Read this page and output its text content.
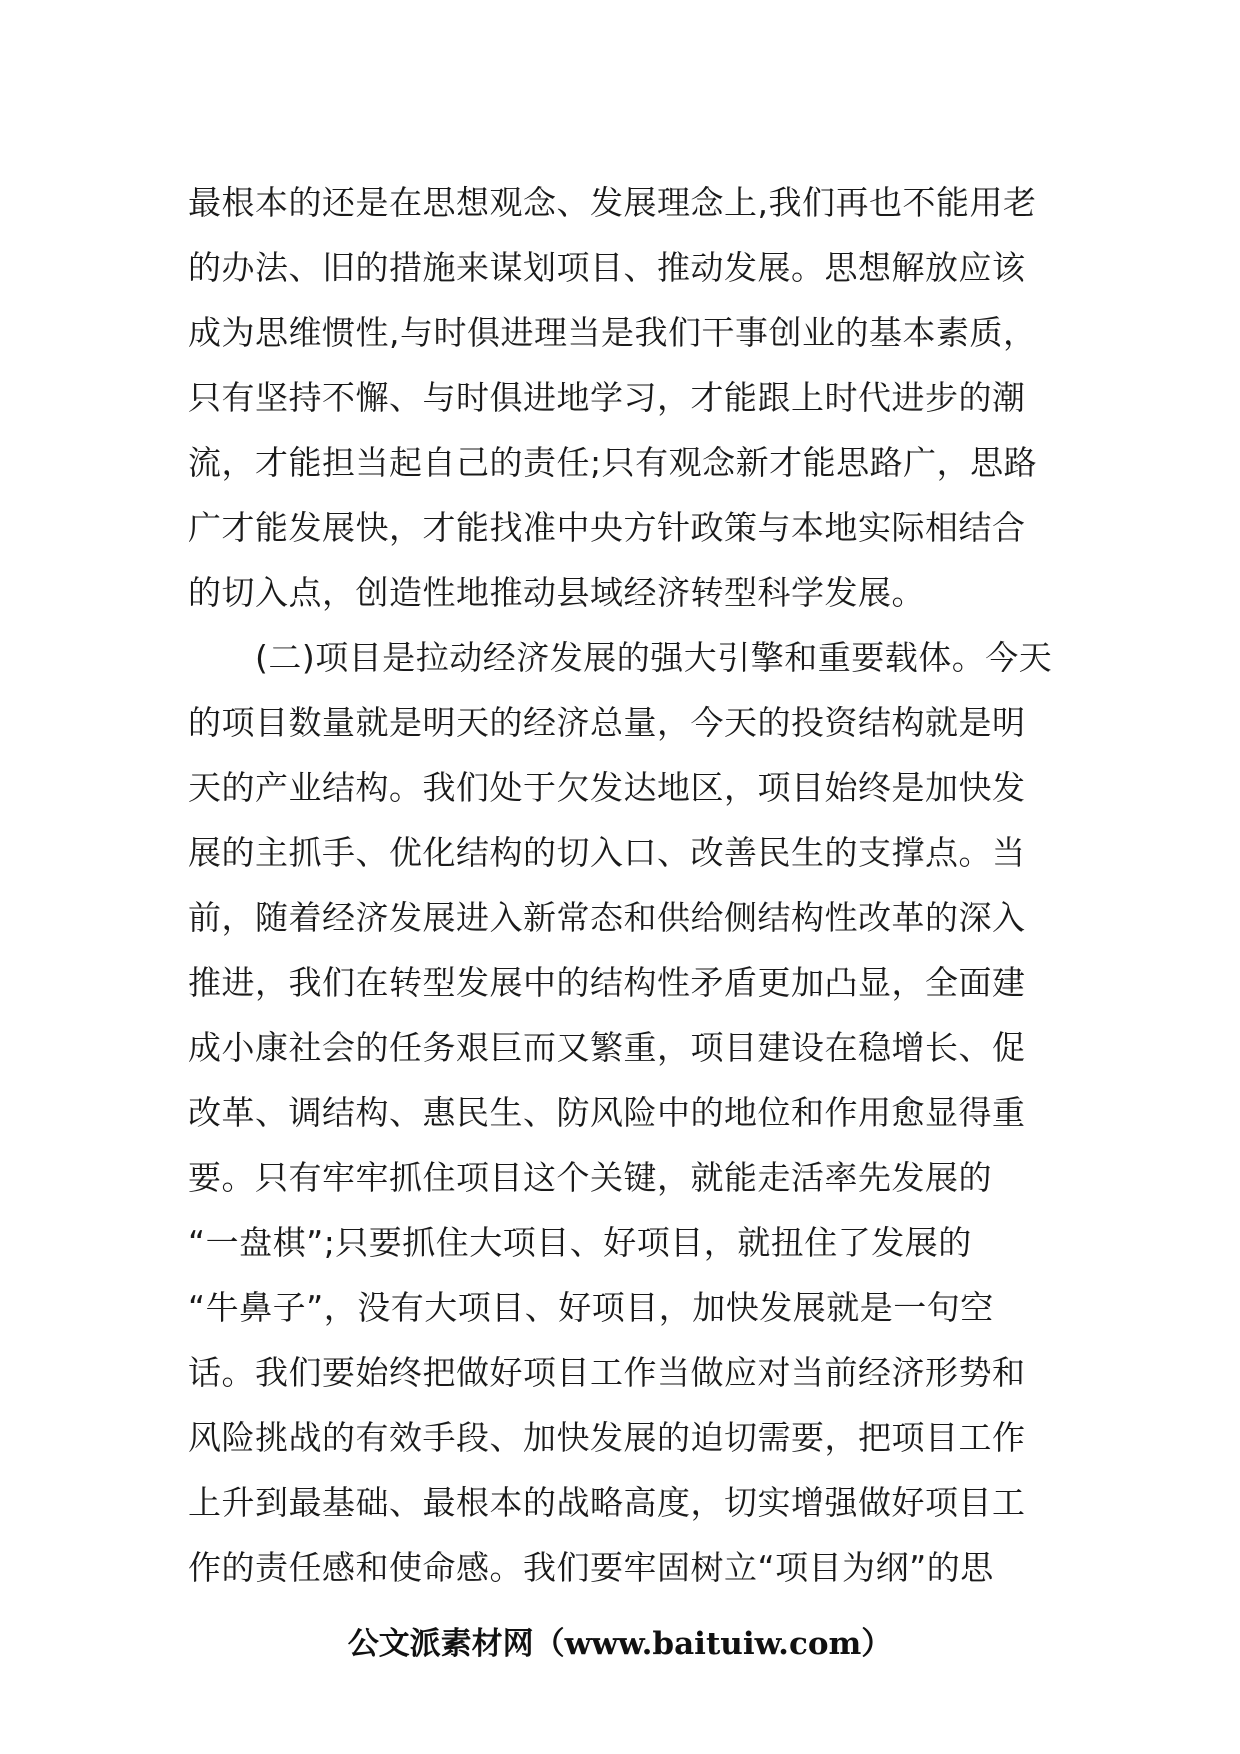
最根本的还是在思想观念、发展理念上,我们再也不能用老
的办法、旧的措施来谋划项目、推动发展。思想解放应该
成为思维惯性,与时俱进理当是我们干事创业的基本素质，
只有坚持不懈、与时俱进地学习，才能跟上时代进步的潮
流，才能担当起自己的责任;只有观念新才能思路广，思路
广才能发展快，才能找准中央方针政策与本地实际相结合
的切入点，创造性地推动县域经济转型科学发展。
　　(二)项目是拉动经济发展的强大引擎和重要载体。今天
的项目数量就是明天的经济总量，今天的投资结构就是明
天的产业结构。我们处于欠发达地区，项目始终是加快发
展的主抓手、优化结构的切入口、改善民生的支撑点。当
前，随着经济发展进入新常态和供给侧结构性改革的深入
推进，我们在转型发展中的结构性矛盾更加凸显，全面建
成小康社会的任务艰巨而又繁重，项目建设在稳增长、促
改革、调结构、惠民生、防风险中的地位和作用愈显得重
要。只有牢牢抓住项目这个关键，就能走活率先发展的
“一盘棋”;只要抓住大项目、好项目，就扭住了发展的
“牛鼻子”，没有大项目、好项目，加快发展就是一句空
话。我们要始终把做好项目工作当做应对当前经济形势和
风险挑战的有效手段、加快发展的迫切需要，把项目工作
上升到最基础、最根本的战略高度，切实增强做好项目工
作的责任感和使命感。我们要牢固树立“项目为纲”的思
公文派素材网（www.baituiw.com）
